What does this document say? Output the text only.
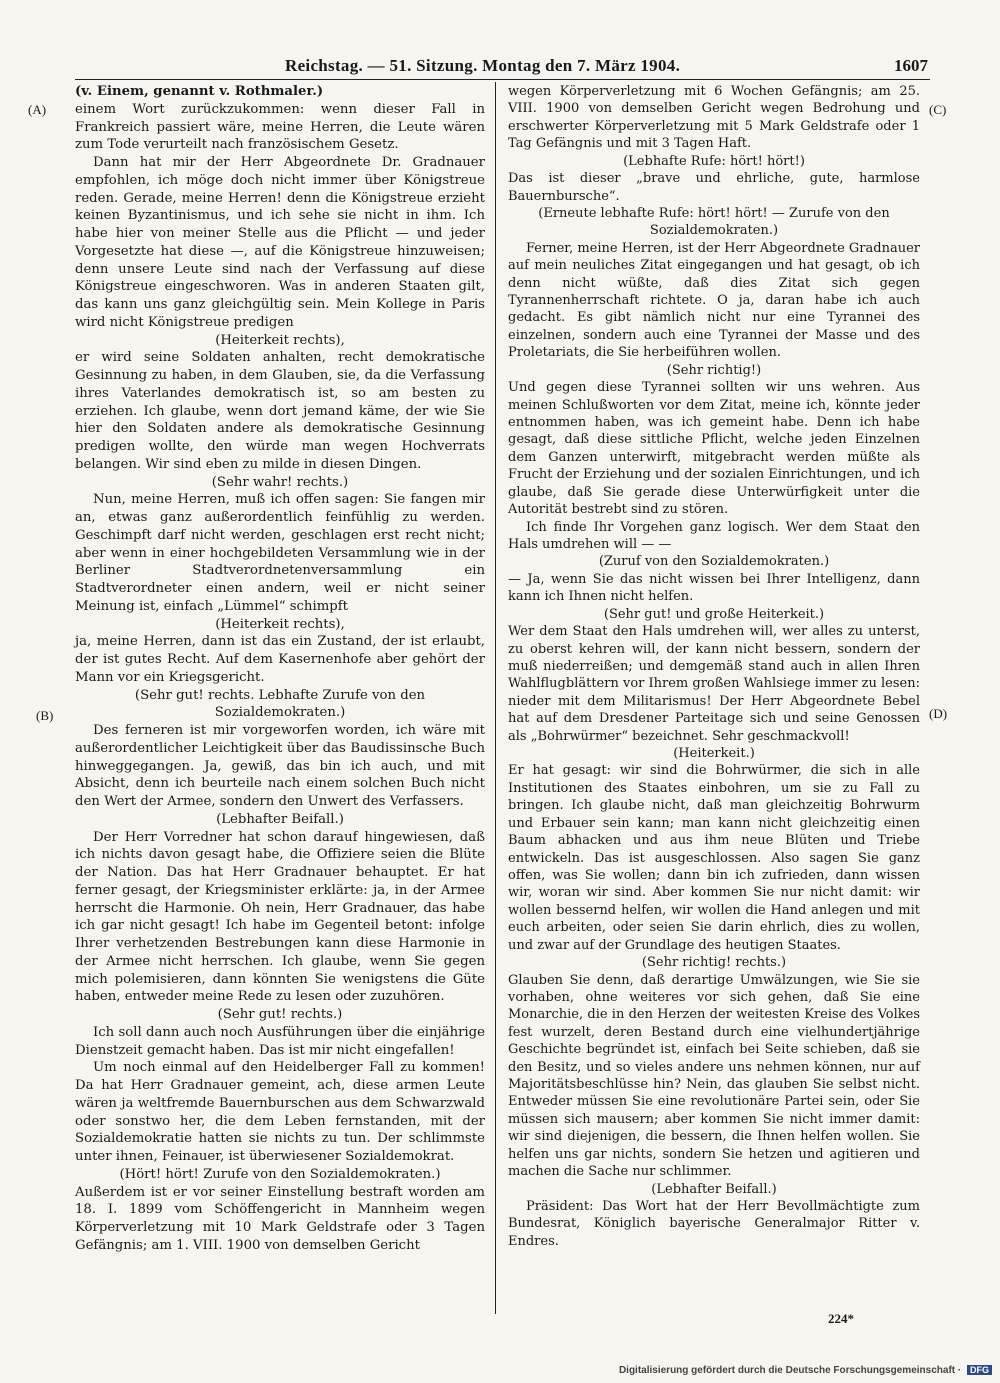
Reichstag. — 51. Sitzung. Montag den 7. März 1904.	1607
(A)
(B)
(C)
(D)

(v. Einem, genannt v. Rothmaler.)

einem Wort zurückzukommen: wenn dieser Fall in Frankreich passiert wäre, meine Herren, die Leute wären zum Tode verurteilt nach französischem Gesetz.

Dann hat mir der Herr Abgeordnete Dr. Gradnauer empfohlen, ich möge doch nicht immer über Königstreue reden. Gerade, meine Herren! denn die Königstreue erzieht keinen Byzantinismus, und ich sehe sie nicht in ihm. Ich habe hier von meiner Stelle aus die Pflicht — und jeder Vorgesetzte hat diese —, auf die Königstreue hinzuweisen; denn unsere Leute sind nach der Verfassung auf diese Königstreue eingeschworen. Was in anderen Staaten gilt, das kann uns ganz gleichgültig sein. Mein Kollege in Paris wird nicht Königstreue predigen

(Heiterkeit rechts),

er wird seine Soldaten anhalten, recht demokratische Gesinnung zu haben, in dem Glauben, sie, da die Verfassung ihres Vaterlandes demokratisch ist, so am besten zu erziehen. Ich glaube, wenn dort jemand käme, der wie Sie hier den Soldaten andere als demokratische Gesinnung predigen wollte, den würde man wegen Hochverrats belangen. Wir sind eben zu milde in diesen Dingen.

(Sehr wahr! rechts.)

Nun, meine Herren, muß ich offen sagen: Sie fangen mir an, etwas ganz außerordentlich feinfühlig zu werden. Geschimpft darf nicht werden, geschlagen erst recht nicht; aber wenn in einer hochgebildeten Versammlung wie in der Berliner Stadtverordnetenversammlung ein Stadtverordneter einen andern, weil er nicht seiner Meinung ist, einfach „Lümmel“ schimpft

(Heiterkeit rechts),

ja, meine Herren, dann ist das ein Zustand, der ist erlaubt, der ist gutes Recht. Auf dem Kasernenhofe aber gehört der Mann vor ein Kriegsgericht.

(Sehr gut! rechts. Lebhafte Zurufe von den Sozialdemokraten.)

Des ferneren ist mir vorgeworfen worden, ich wäre mit außerordentlicher Leichtigkeit über das Baudissinsche Buch hinweggegangen. Ja, gewiß, das bin ich auch, und mit Absicht, denn ich beurteile nach einem solchen Buch nicht den Wert der Armee, sondern den Unwert des Verfassers.

(Lebhafter Beifall.)

Der Herr Vorredner hat schon darauf hingewiesen, daß ich nichts davon gesagt habe, die Offiziere seien die Blüte der Nation. Das hat Herr Gradnauer behauptet. Er hat ferner gesagt, der Kriegsminister erklärte: ja, in der Armee herrscht die Harmonie. Oh nein, Herr Gradnauer, das habe ich gar nicht gesagt! Ich habe im Gegenteil betont: infolge Ihrer verhetzenden Bestrebungen kann diese Harmonie in der Armee nicht herrschen. Ich glaube, wenn Sie gegen mich polemisieren, dann könnten Sie wenigstens die Güte haben, entweder meine Rede zu lesen oder zuzuhören.

(Sehr gut! rechts.)

Ich soll dann auch noch Ausführungen über die einjährige Dienstzeit gemacht haben. Das ist mir nicht eingefallen!

Um noch einmal auf den Heidelberger Fall zu kommen! Da hat Herr Gradnauer gemeint, ach, diese armen Leute wären ja weltfremde Bauernburschen aus dem Schwarzwald oder sonstwo her, die dem Leben fernstanden, mit der Sozialdemokratie hatten sie nichts zu tun. Der schlimmste unter ihnen, Feinauer, ist überwiesener Sozialdemokrat.

(Hört! hört! Zurufe von den Sozialdemokraten.)

Außerdem ist er vor seiner Einstellung bestraft worden am 18. I. 1899 vom Schöffengericht in Mannheim wegen Körperverletzung mit 10 Mark Geldstrafe oder 3 Tagen Gefängnis; am 1. VIII. 1900 von demselben Gericht

wegen Körperverletzung mit 6 Wochen Gefängnis; am 25. VIII. 1900 von demselben Gericht wegen Bedrohung und erschwerter Körperverletzung mit 5 Mark Geldstrafe oder 1 Tag Gefängnis und mit 3 Tagen Haft.

(Lebhafte Rufe: hört! hört!)

Das ist dieser „brave und ehrliche, gute, harmlose Bauernbursche“.

(Erneute lebhafte Rufe: hört! hört! — Zurufe von den Sozialdemokraten.)

Ferner, meine Herren, ist der Herr Abgeordnete Gradnauer auf mein neuliches Zitat eingegangen und hat gesagt, ob ich denn nicht wüßte, daß dies Zitat sich gegen Tyrannenherrschaft richtete. O ja, daran habe ich auch gedacht. Es gibt nämlich nicht nur eine Tyrannei des einzelnen, sondern auch eine Tyrannei der Masse und des Proletariats, die Sie herbeiführen wollen.

(Sehr richtig!)

Und gegen diese Tyrannei sollten wir uns wehren. Aus meinen Schlußworten vor dem Zitat, meine ich, könnte jeder entnommen haben, was ich gemeint habe. Denn ich habe gesagt, daß diese sittliche Pflicht, welche jeden Einzelnen dem Ganzen unterwirft, mitgebracht werden müßte als Frucht der Erziehung und der sozialen Einrichtungen, und ich glaube, daß Sie gerade diese Unterwürfigkeit unter die Autorität bestrebt sind zu stören.

Ich finde Ihr Vorgehen ganz logisch. Wer dem Staat den Hals umdrehen will — —

(Zuruf von den Sozialdemokraten.)

— Ja, wenn Sie das nicht wissen bei Ihrer Intelligenz, dann kann ich Ihnen nicht helfen.

(Sehr gut! und große Heiterkeit.)

Wer dem Staat den Hals umdrehen will, wer alles zu unterst, zu oberst kehren will, der kann nicht bessern, sondern der muß niederreißen; und demgemäß stand auch in allen Ihren Wahlflugblättern vor Ihrem großen Wahlsiege immer zu lesen: nieder mit dem Militarismus! Der Herr Abgeordnete Bebel hat auf dem Dresdener Parteitage sich und seine Genossen als „Bohrwürmer“ bezeichnet. Sehr geschmackvoll!

(Heiterkeit.)

Er hat gesagt: wir sind die Bohrwürmer, die sich in alle Institutionen des Staates einbohren, um sie zu Fall zu bringen. Ich glaube nicht, daß man gleichzeitig Bohrwurm und Erbauer sein kann; man kann nicht gleichzeitig einen Baum abhacken und aus ihm neue Blüten und Triebe entwickeln. Das ist ausgeschlossen. Also sagen Sie ganz offen, was Sie wollen; dann bin ich zufrieden, dann wissen wir, woran wir sind. Aber kommen Sie nur nicht damit: wir wollen bessernd helfen, wir wollen die Hand anlegen und mit euch arbeiten, oder seien Sie darin ehrlich, dies zu wollen, und zwar auf der Grundlage des heutigen Staates.

(Sehr richtig! rechts.)

Glauben Sie denn, daß derartige Umwälzungen, wie Sie sie vorhaben, ohne weiteres vor sich gehen, daß Sie eine Monarchie, die in den Herzen der weitesten Kreise des Volkes fest wurzelt, deren Bestand durch eine vielhundertjährige Geschichte begründet ist, einfach bei Seite schieben, daß sie den Besitz, und so vieles andere uns nehmen können, nur auf Majoritätsbeschlüsse hin? Nein, das glauben Sie selbst nicht. Entweder müssen Sie eine revolutionäre Partei sein, oder Sie müssen sich mausern; aber kommen Sie nicht immer damit: wir sind diejenigen, die bessern, die Ihnen helfen wollen. Sie helfen uns gar nichts, sondern Sie hetzen und agitieren und machen die Sache nur schlimmer.

(Lebhafter Beifall.)

Präsident: Das Wort hat der Herr Bevollmächtigte zum Bundesrat, Königlich bayerische Generalmajor Ritter v. Endres.

224*
Digitalisierung gefördert durch die Deutsche Forschungsgemeinschaft · DFG
